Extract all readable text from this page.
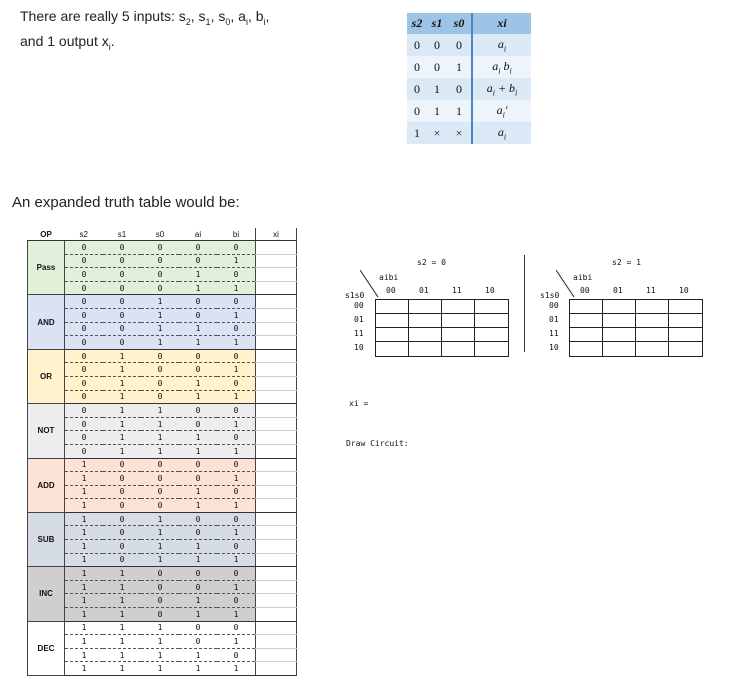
There are really 5 inputs: $s_2$, $s_1$, $s_0$, $a_i$, $b_i$,
and 1 output $x_i$.
s2	s1	s0	xi
0	0	0	$a_i$
0	0	1	$a_i$ $b_i$
0	1	0	$a_i + b_i$
0	1	1	$a_i'$
1	×	×	$a_i$
An expanded truth table would be:
OP	s2	s1	s0	ai	bi	xi
Pass	0	0	0	0	0	
	0	0	0	0	1	
	0	0	0	1	0	
	0	0	0	1	1	
AND	0	0	1	0	0	
	0	0	1	0	1	
	0	0	1	1	0	
	0	0	1	1	1	
OR	0	1	0	0	0	
	0	1	0	0	1	
	0	1	0	1	0	
	0	1	0	1	1	
NOT	0	1	1	0	0	
	0	1	1	0	1	
	0	1	1	1	0	
	0	1	1	1	1	
ADD	1	0	0	0	0	
	1	0	0	0	1	
	1	0	0	1	0	
	1	0	0	1	1	
SUB	1	0	1	0	0	
	1	0	1	0	1	
	1	0	1	1	0	
	1	0	1	1	1	
INC	1	1	0	0	0	
	1	1	0	0	1	
	1	1	0	1	0	
	1	1	0	1	1	
DEC	1	1	1	0	0	
	1	1	1	0	1	
	1	1	1	1	0	
	1	1	1	1	1	
s2 = 0
aibi
s1s0
00	01	11	10
00
01
11
10
s2 = 1
aibi
s1s0
00	01	11	10
00
01
11
10
xi =
Draw Circuit:
